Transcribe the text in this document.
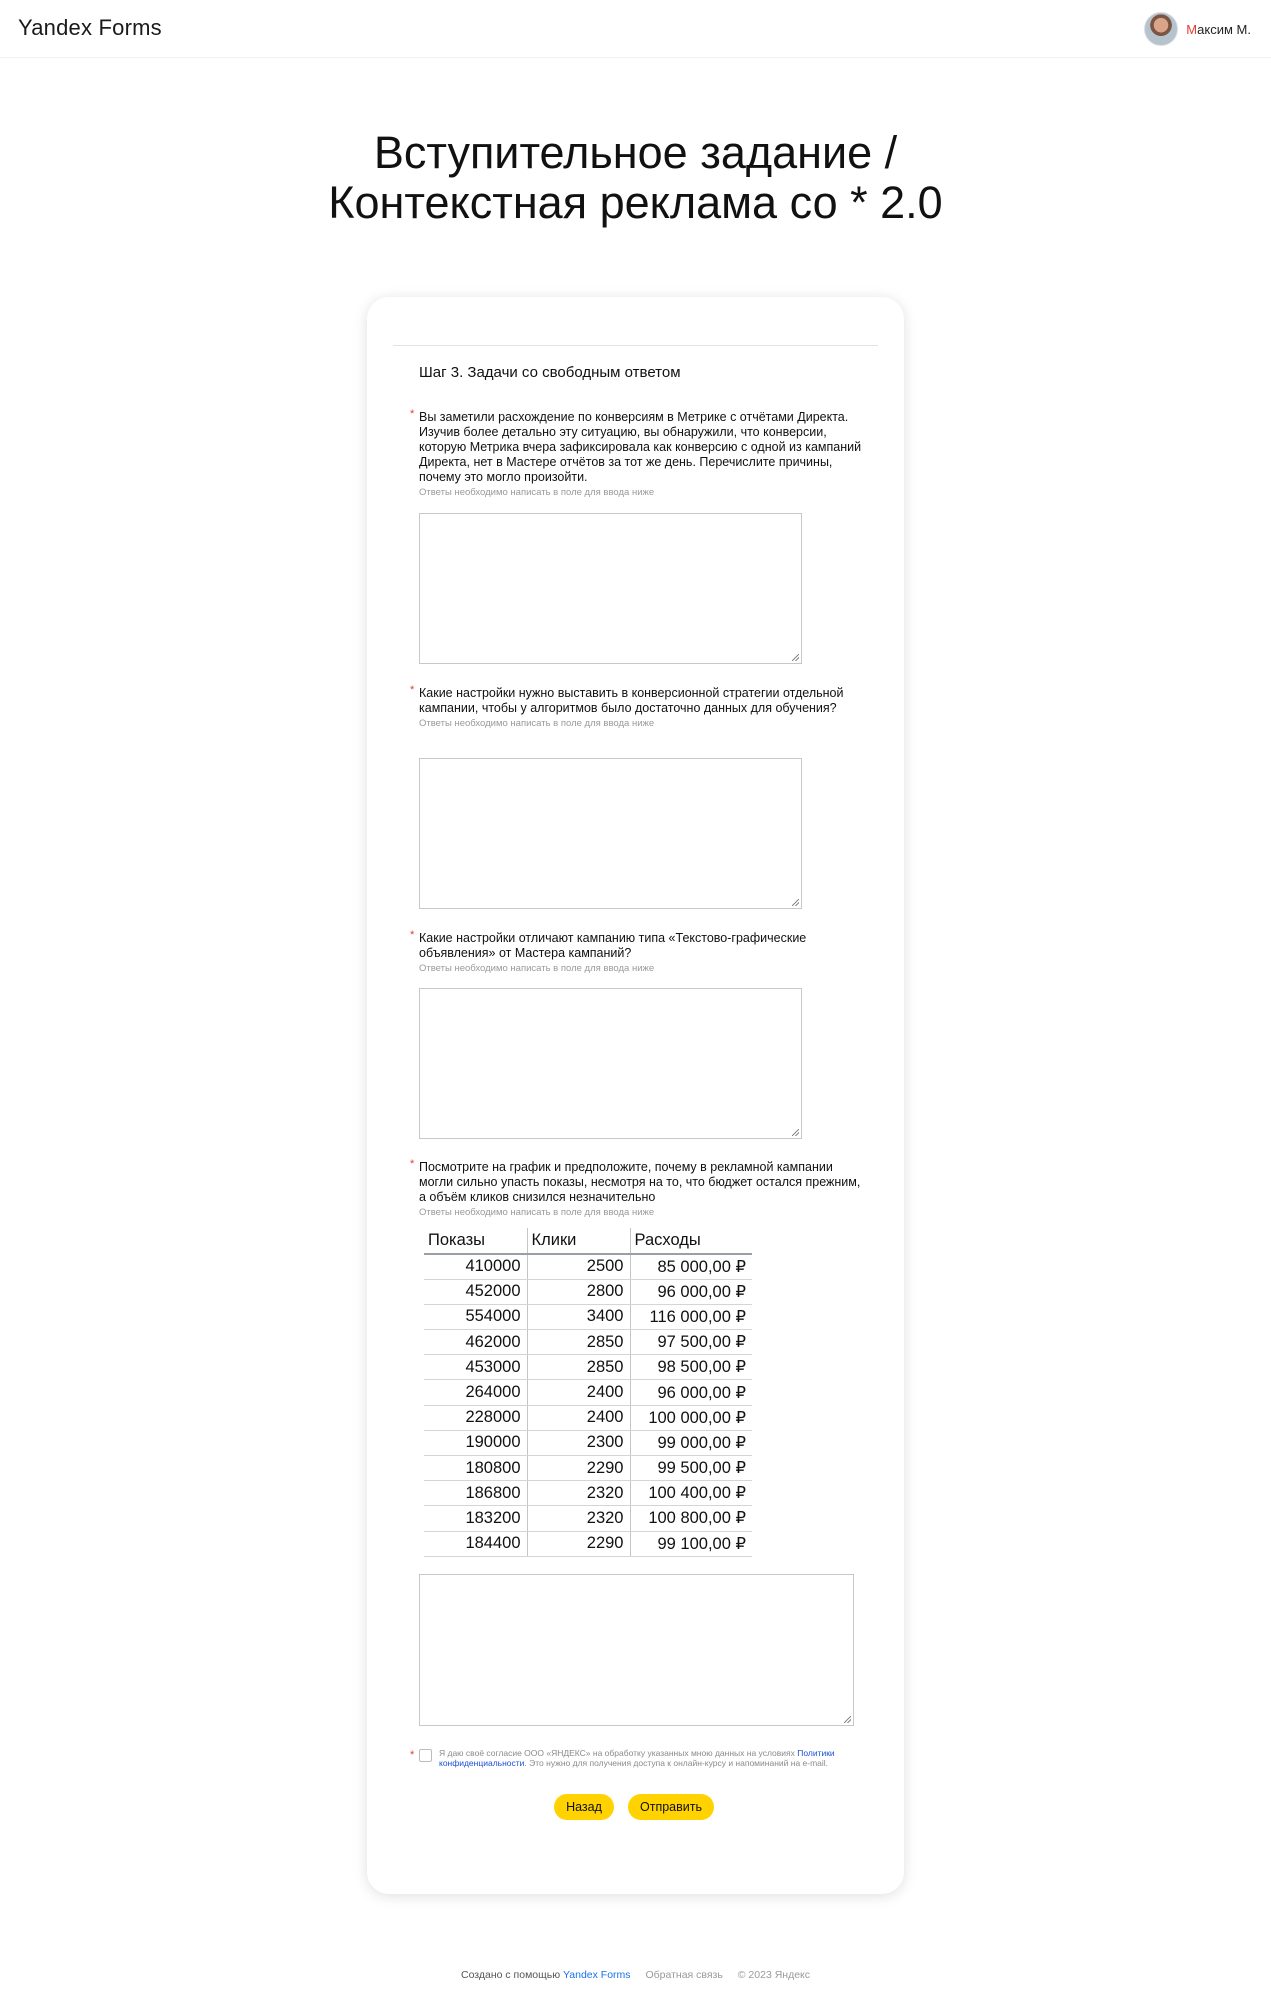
Yandex Forms	Максим М.
Вступительное задание /
Контекстная реклама со * 2.0
Шаг 3. Задачи со свободным ответом
* Вы заметили расхождение по конверсиям в Метрике с отчётами Директа. Изучив более детально эту ситуацию, вы обнаружили, что конверсии, которую Метрика вчера зафиксировала как конверсию с одной из кампаний Директа, нет в Мастере отчётов за тот же день. Перечислите причины, почему это могло произойти.
Ответы необходимо написать в поле для ввода ниже
* Какие настройки нужно выставить в конверсионной стратегии отдельной кампании, чтобы у алгоритмов было достаточно данных для обучения?
Ответы необходимо написать в поле для ввода ниже
* Какие настройки отличают кампанию типа «Текстово-графические объявления» от Мастера кампаний?
Ответы необходимо написать в поле для ввода ниже
* Посмотрите на график и предположите, почему в рекламной кампании могли сильно упасть показы, несмотря на то, что бюджет остался прежним, а объём кликов снизился незначительно
Ответы необходимо написать в поле для ввода ниже
Показы	Клики	Расходы
410000	2500	85 000,00 ₽
452000	2800	96 000,00 ₽
554000	3400	116 000,00 ₽
462000	2850	97 500,00 ₽
453000	2850	98 500,00 ₽
264000	2400	96 000,00 ₽
228000	2400	100 000,00 ₽
190000	2300	99 000,00 ₽
180800	2290	99 500,00 ₽
186800	2320	100 400,00 ₽
183200	2320	100 800,00 ₽
184400	2290	99 100,00 ₽
*	Я даю своё согласие ООО «ЯНДЕКС» на обработку указанных мною данных на условиях Политики конфиденциальности. Это нужно для получения доступа к онлайн-курсу и напоминаний на e-mail.
Назад	Отправить
Создано с помощью Yandex Forms Обратная связь © 2023 Яндекс
